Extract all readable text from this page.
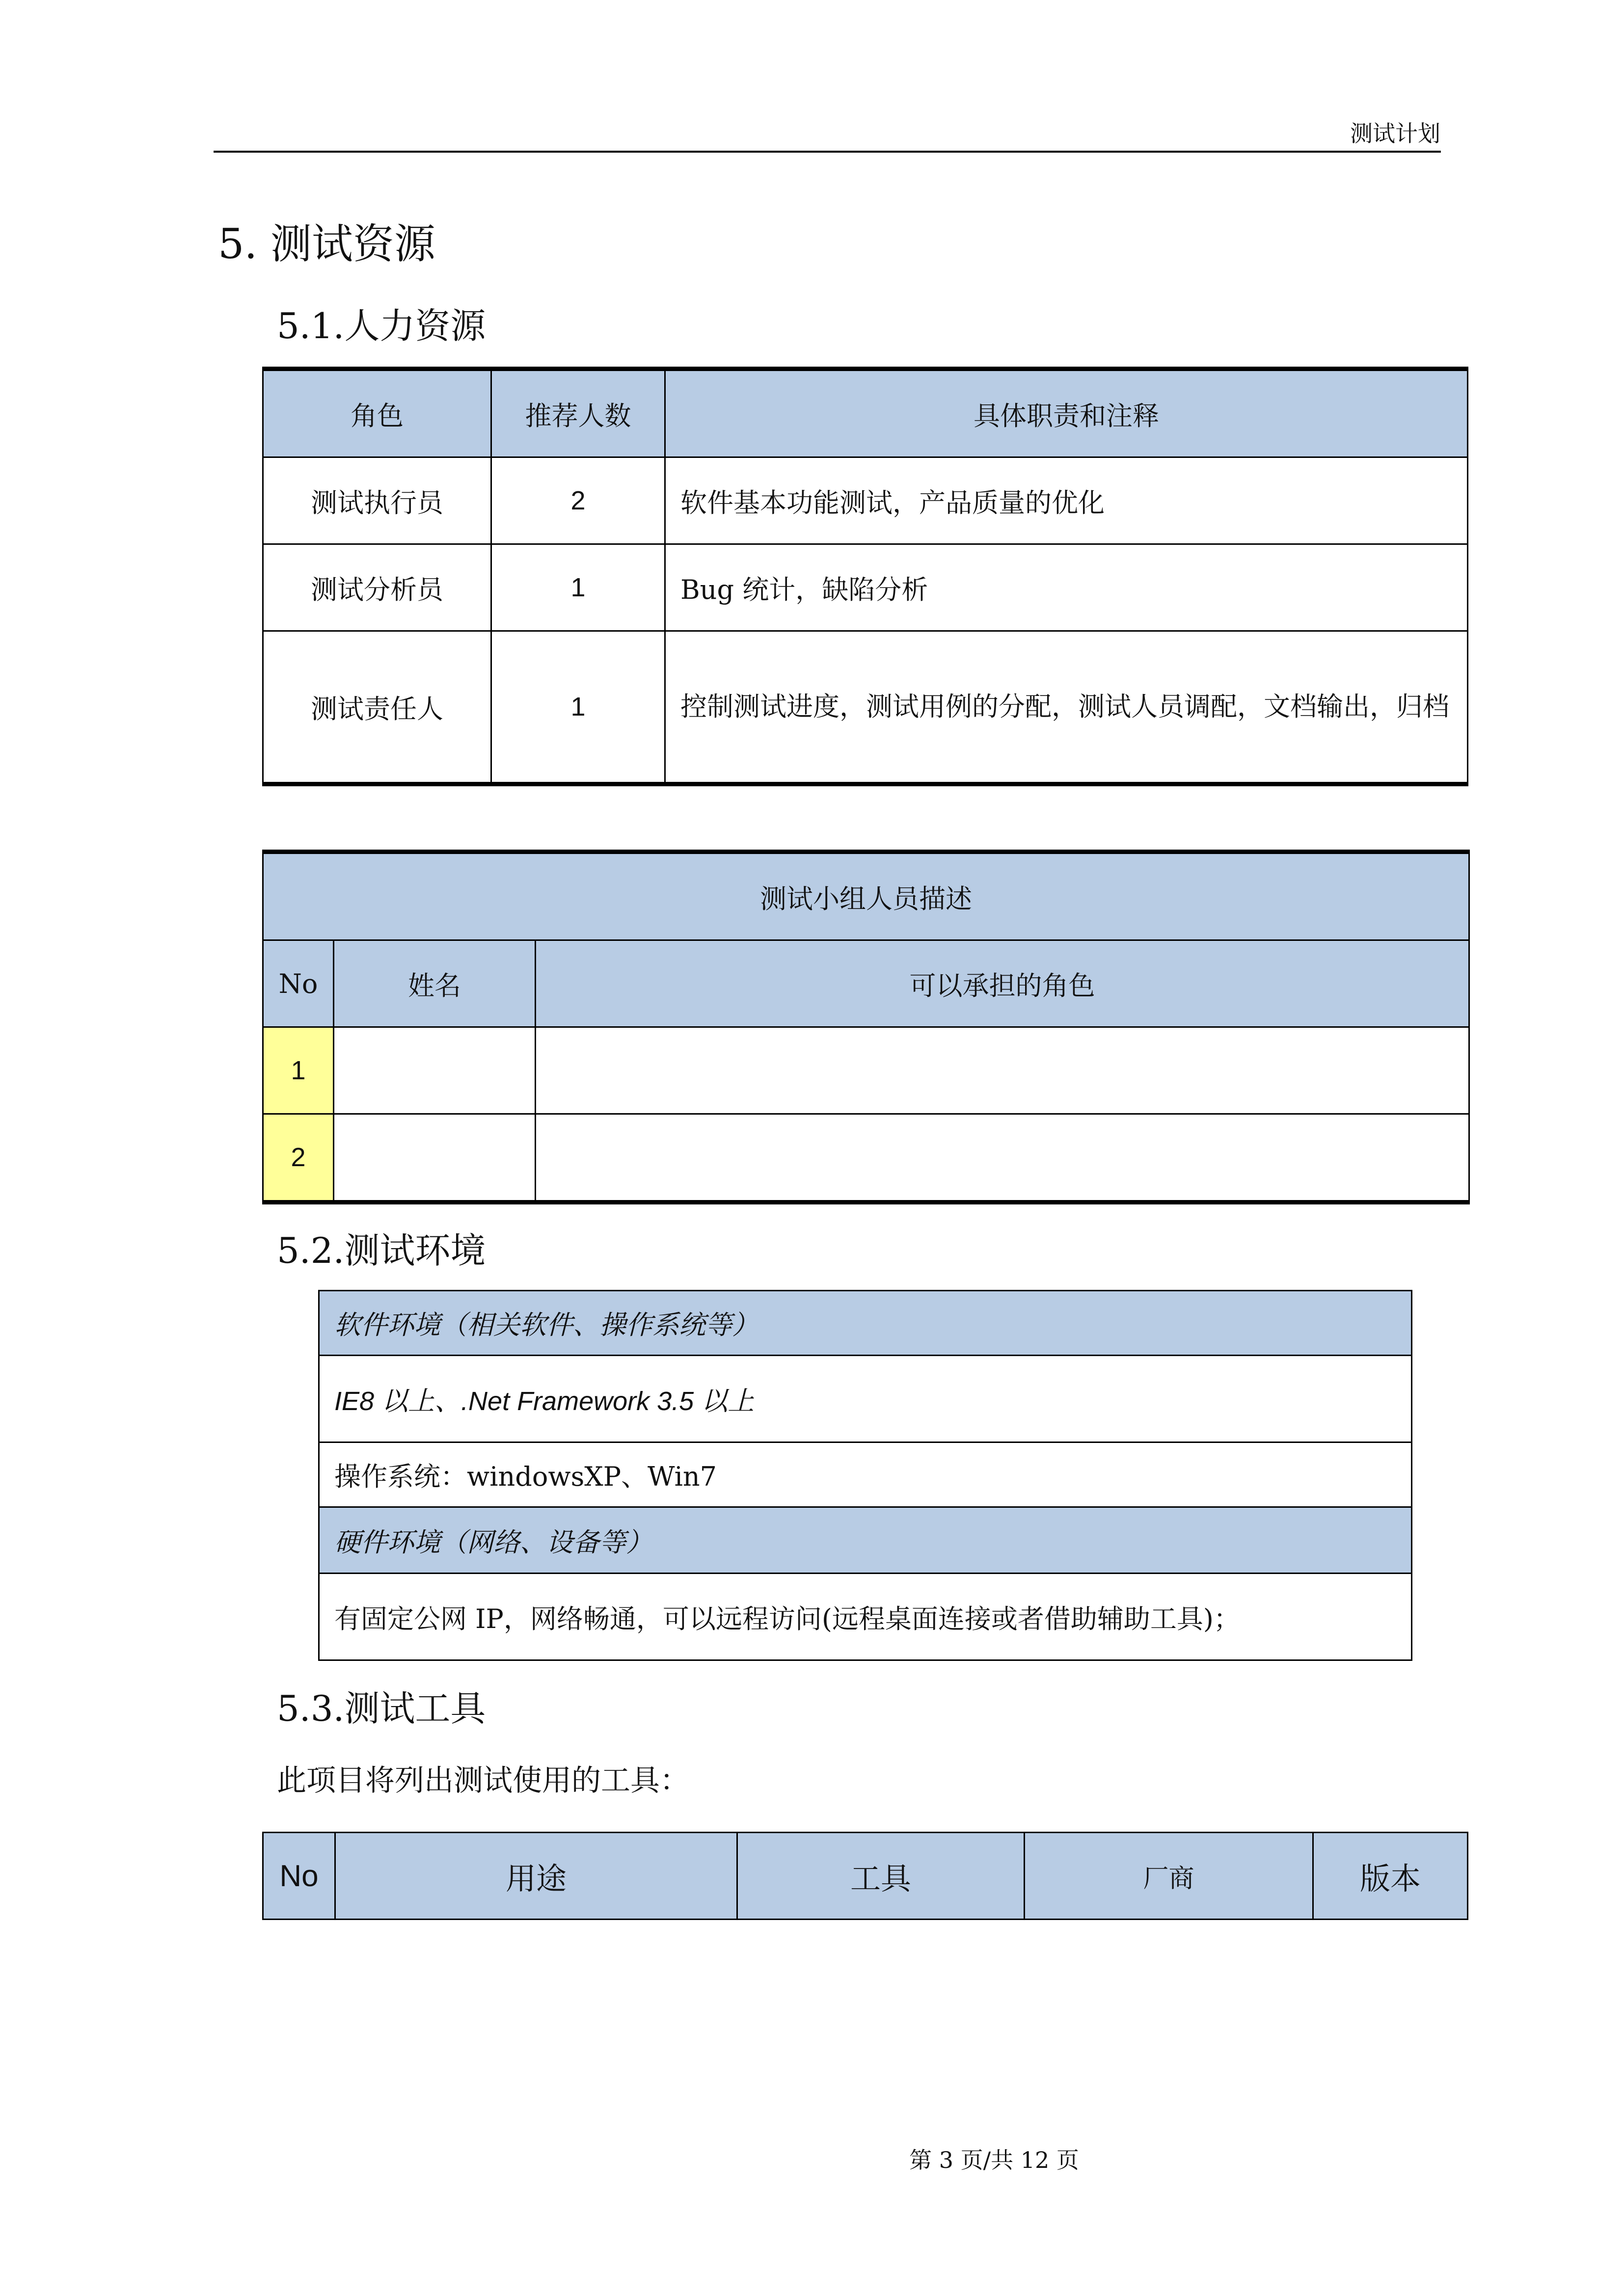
测试计划
5. 测试资源
5.1.人力资源
角色	推荐人数	具体职责和注释
测试执行员	2	软件基本功能测试，产品质量的优化
测试分析员	1	Bug 统计，缺陷分析
测试责任人	1	控制测试进度，测试用例的分配，测试人员调配，文档输出，归档
测试小组人员描述		
No	姓名	可以承担的角色
1		
2		
5.2.测试环境
软件环境（相关软件、操作系统等）
IE8 以上、.Net Framework 3.5 以上
操作系统：windowsXP、Win7
硬件环境（网络、设备等）
有固定公网 IP，网络畅通，可以远程访问(远程桌面连接或者借助辅助工具)；
5.3.测试工具
此项目将列出测试使用的工具：
No	用途	工具	厂商	版本
第 3 页/共 12 页
